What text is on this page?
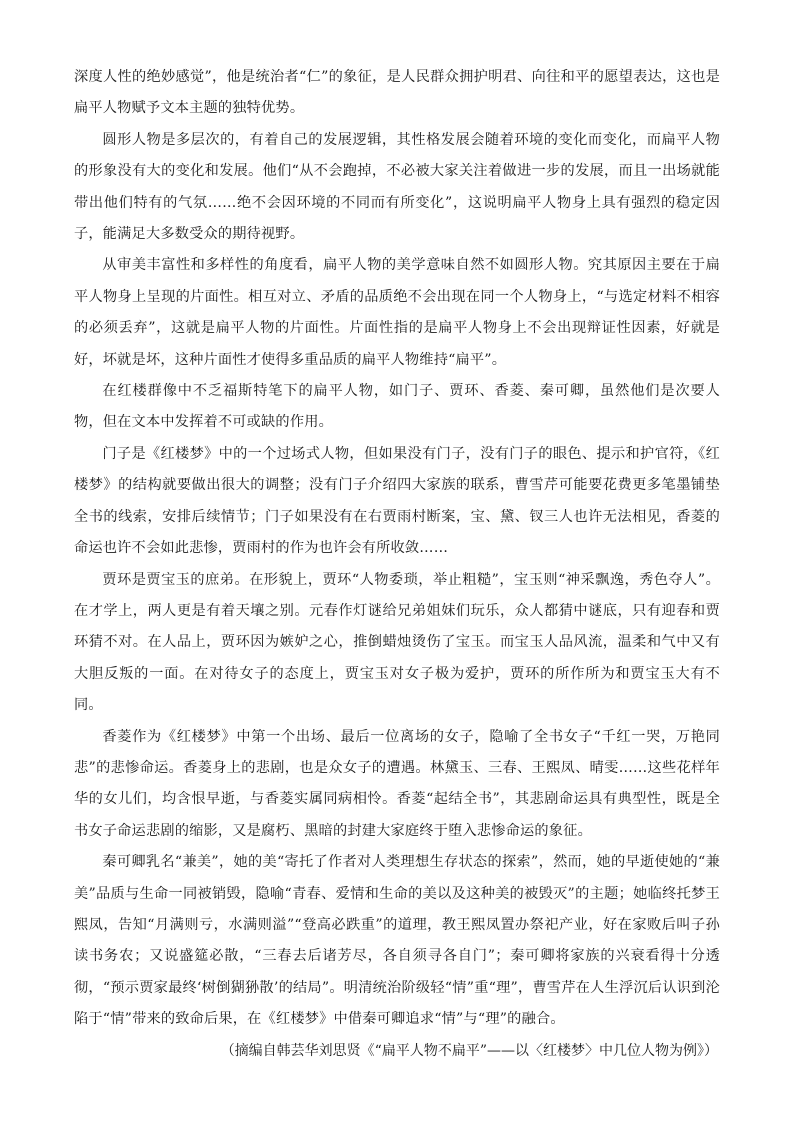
深度人性的绝妙感觉”，他是统治者“仁”的象征，是人民群众拥护明君、向往和平的愿望表达，这也是扁平人物赋予文本主题的独特优势。

圆形人物是多层次的，有着自己的发展逻辑，其性格发展会随着环境的变化而变化，而扁平人物的形象没有大的变化和发展。他们“从不会跑掉，不必被大家关注着做进一步的发展，而且一出场就能带出他们特有的气氛……绝不会因环境的不同而有所变化”，这说明扁平人物身上具有强烈的稳定因子，能满足大多数受众的期待视野。

从审美丰富性和多样性的角度看，扁平人物的美学意味自然不如圆形人物。究其原因主要在于扁平人物身上呈现的片面性。相互对立、矛盾的品质绝不会出现在同一个人物身上，“与选定材料不相容的必须丢弃”，这就是扁平人物的片面性。片面性指的是扁平人物身上不会出现辩证性因素，好就是好，坏就是坏，这种片面性才使得多重品质的扁平人物维持“扁平”。

在红楼群像中不乏福斯特笔下的扁平人物，如门子、贾环、香菱、秦可卿，虽然他们是次要人物，但在文本中发挥着不可或缺的作用。

门子是《红楼梦》中的一个过场式人物，但如果没有门子，没有门子的眼色、提示和护官符，《红楼梦》的结构就要做出很大的调整；没有门子介绍四大家族的联系，曹雪芹可能要花费更多笔墨铺垫全书的线索，安排后续情节；门子如果没有在右贾雨村断案，宝、黛、钗三人也许无法相见，香菱的命运也许不会如此悲惨，贾雨村的作为也许会有所收敛……

贾环是贾宝玉的庶弟。在形貌上，贾环“人物委琐，举止粗糙”，宝玉则“神采飘逸，秀色夺人”。在才学上，两人更是有着天壤之别。元春作灯谜给兄弟姐妹们玩乐，众人都猜中谜底，只有迎春和贾环猜不对。在人品上，贾环因为嫉妒之心，推倒蜡烛烫伤了宝玉。而宝玉人品风流，温柔和气中又有大胆反叛的一面。在对待女子的态度上，贾宝玉对女子极为爱护，贾环的所作所为和贾宝玉大有不同。

香菱作为《红楼梦》中第一个出场、最后一位离场的女子，隐喻了全书女子“千红一哭，万艳同悲”的悲惨命运。香菱身上的悲剧，也是众女子的遭遇。林黛玉、三春、王熙凤、晴雯……这些花样年华的女儿们，均含恨早逝，与香菱实属同病相怜。香菱“起结全书”，其悲剧命运具有典型性，既是全书女子命运悲剧的缩影，又是腐朽、黑暗的封建大家庭终于堕入悲惨命运的象征。

秦可卿乳名“兼美”，她的美“寄托了作者对人类理想生存状态的探索”，然而，她的早逝使她的“兼美”品质与生命一同被销毁，隐喻“青春、爱情和生命的美以及这种美的被毁灭”的主题；她临终托梦王熙凤，告知“月满则亏，水满则溢”“登高必跌重”的道理，教王熙凤置办祭祀产业，好在家败后叫子孙读书务农；又说盛筵必散，“三春去后诸芳尽，各自须寻各自门”；秦可卿将家族的兴衰看得十分透彻，“预示贾家最终‘树倒猢狲散’的结局”。明清统治阶级轻“情”重“理”，曹雪芹在人生浮沉后认识到沦陷于“情”带来的致命后果，在《红楼梦》中借秦可卿追求“情”与“理”的融合。

（摘编自韩芸华刘思贤《“扁平人物不扁平”——以〈红楼梦〉中几位人物为例》）
